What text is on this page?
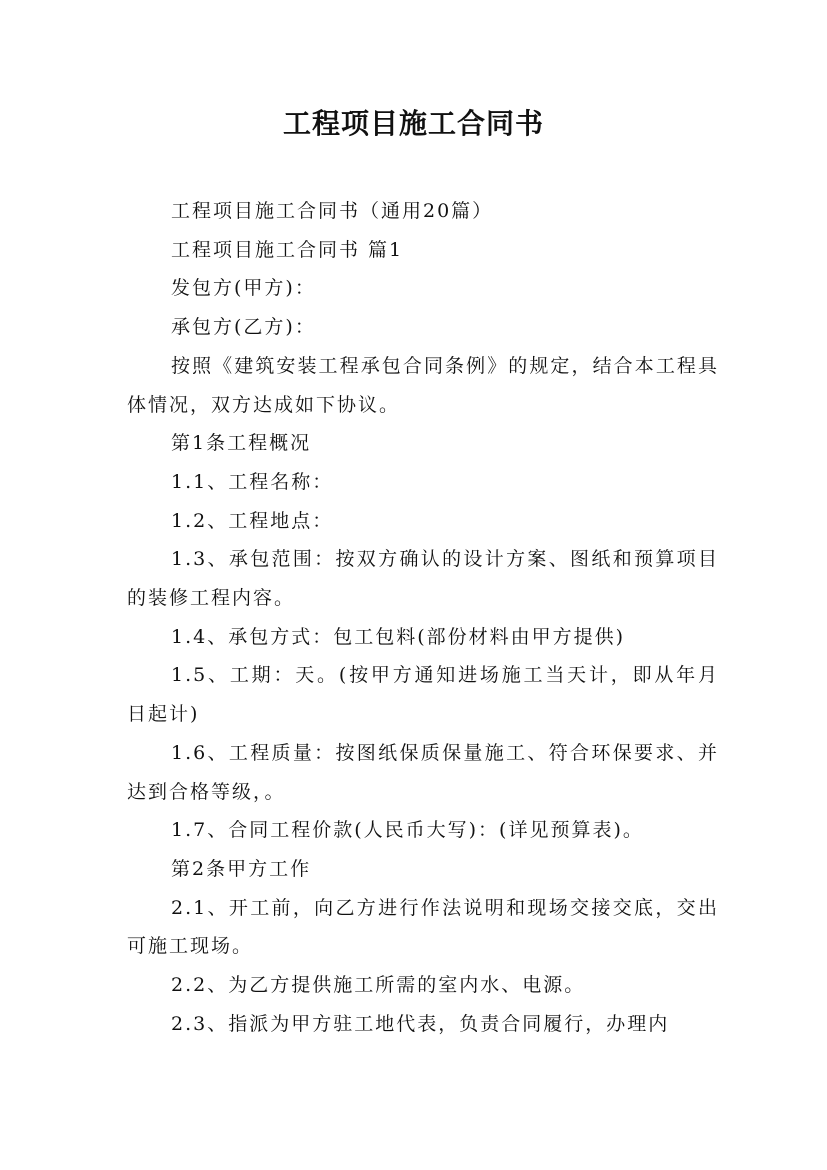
工程项目施工合同书

工程项目施工合同书（通用20篇）

工程项目施工合同书 篇1

发包方(甲方)：

承包方(乙方)：

按照《建筑安装工程承包合同条例》的规定，结合本工程具体情况，双方达成如下协议。

第1条工程概况

1.1、工程名称：

1.2、工程地点：

1.3、承包范围：按双方确认的设计方案、图纸和预算项目的装修工程内容。

1.4、承包方式：包工包料(部份材料由甲方提供)

1.5、工期：天。(按甲方通知进场施工当天计，即从年月日起计)

1.6、工程质量：按图纸保质保量施工、符合环保要求、并达到合格等级，。

1.7、合同工程价款(人民币大写)：(详见预算表)。

第2条甲方工作

2.1、开工前，向乙方进行作法说明和现场交接交底，交出可施工现场。

2.2、为乙方提供施工所需的室内水、电源。

2.3、指派为甲方驻工地代表，负责合同履行，办理内
